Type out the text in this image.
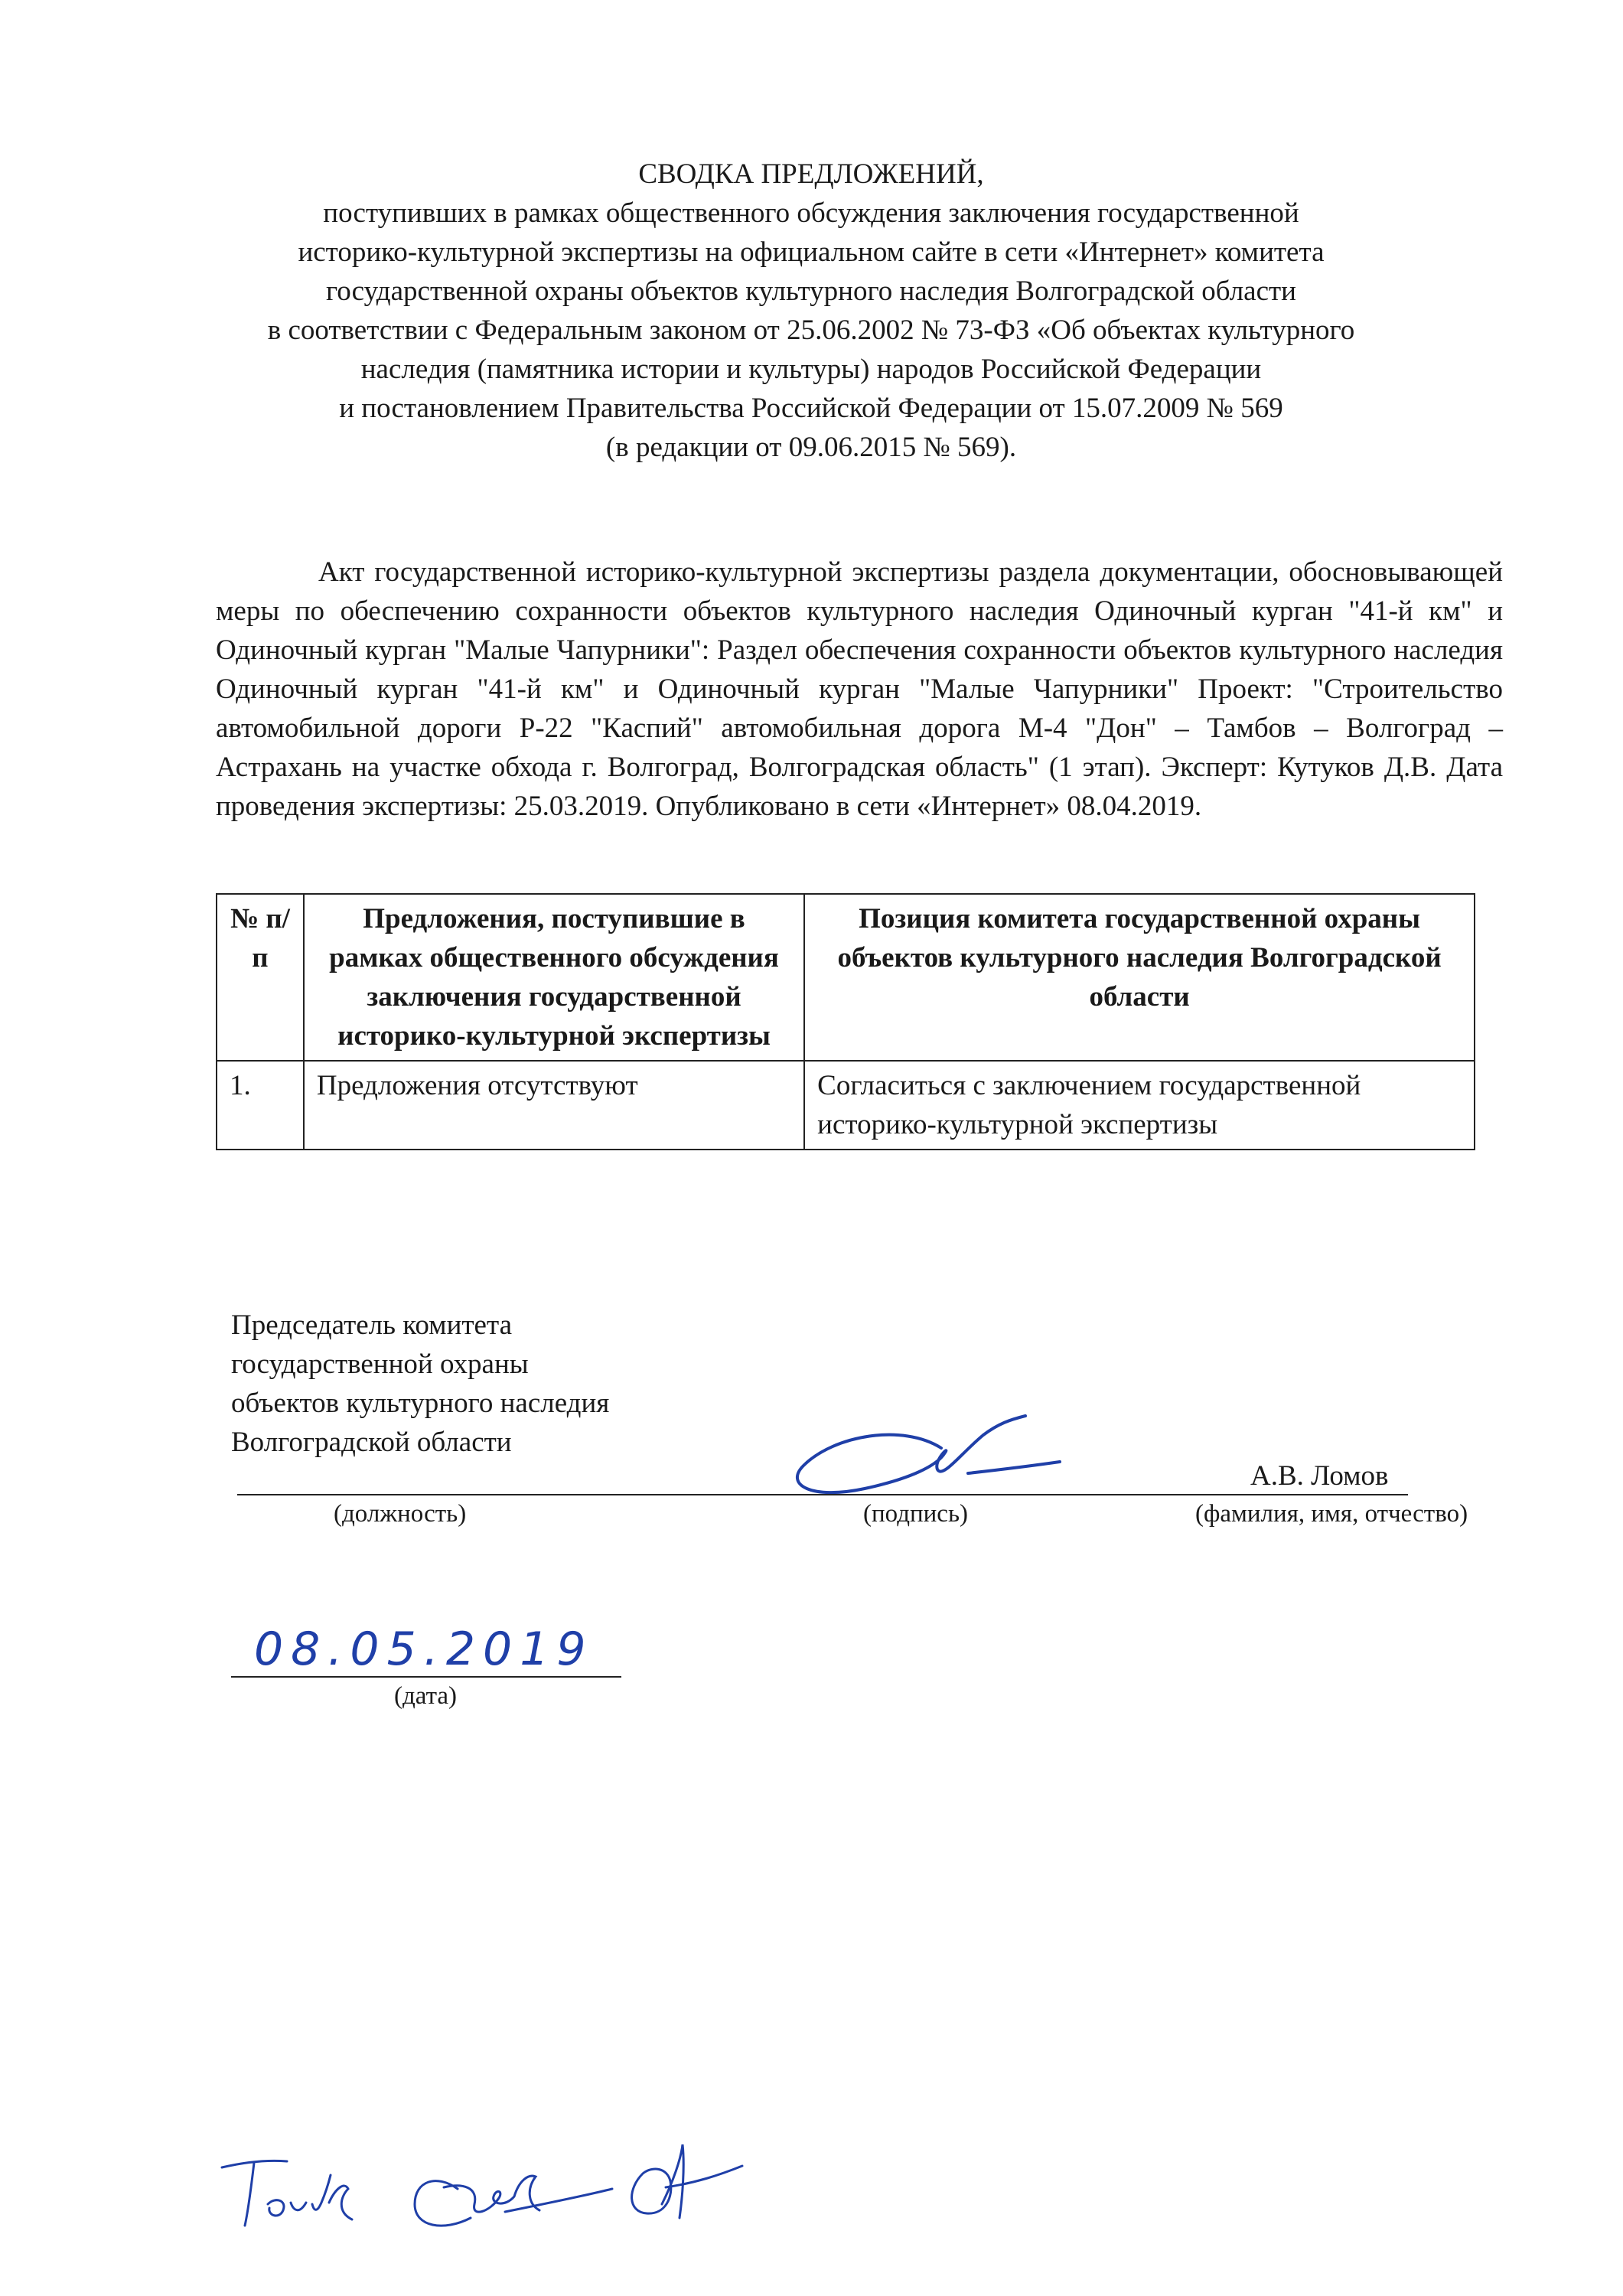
СВОДКА ПРЕДЛОЖЕНИЙ,
поступивших в рамках общественного обсуждения заключения государственной
историко-культурной экспертизы на официальном сайте в сети «Интернет» комитета
государственной охраны объектов культурного наследия Волгоградской области
в соответствии с Федеральным законом от 25.06.2002 № 73-ФЗ «Об объектах культурного
наследия (памятника истории и культуры) народов Российской Федерации
и постановлением Правительства Российской Федерации от 15.07.2009 № 569
(в редакции от 09.06.2015 № 569).
Акт государственной историко-культурной экспертизы раздела документации, обосновывающей меры по обеспечению сохранности объектов культурного наследия Одиночный курган "41-й км" и Одиночный курган "Малые Чапурники": Раздел обеспечения сохранности объектов культурного наследия Одиночный курган "41-й км" и Одиночный курган "Малые Чапурники" Проект: "Строительство автомобильной дороги Р-22 "Каспий" автомобильная дорога М-4 "Дон" – Тамбов – Волгоград – Астрахань на участке обхода г. Волгоград, Волгоградская область" (1 этап). Эксперт: Кутуков Д.В. Дата проведения экспертизы: 25.03.2019. Опубликовано в сети «Интернет» 08.04.2019.
№ п/п	Предложения, поступившие в рамках общественного обсуждения заключения государственной историко-культурной экспертизы	Позиция комитета государственной охраны объектов культурного наследия Волгоградской области
1.	Предложения отсутствуют	Согласиться с заключением государственной историко-культурной экспертизы
Председатель комитета
государственной охраны
объектов культурного наследия
Волгоградской области
А.В. Ломов
(должность)	(подпись)	(фамилия, имя, отчество)
08.05.2019
(дата)
